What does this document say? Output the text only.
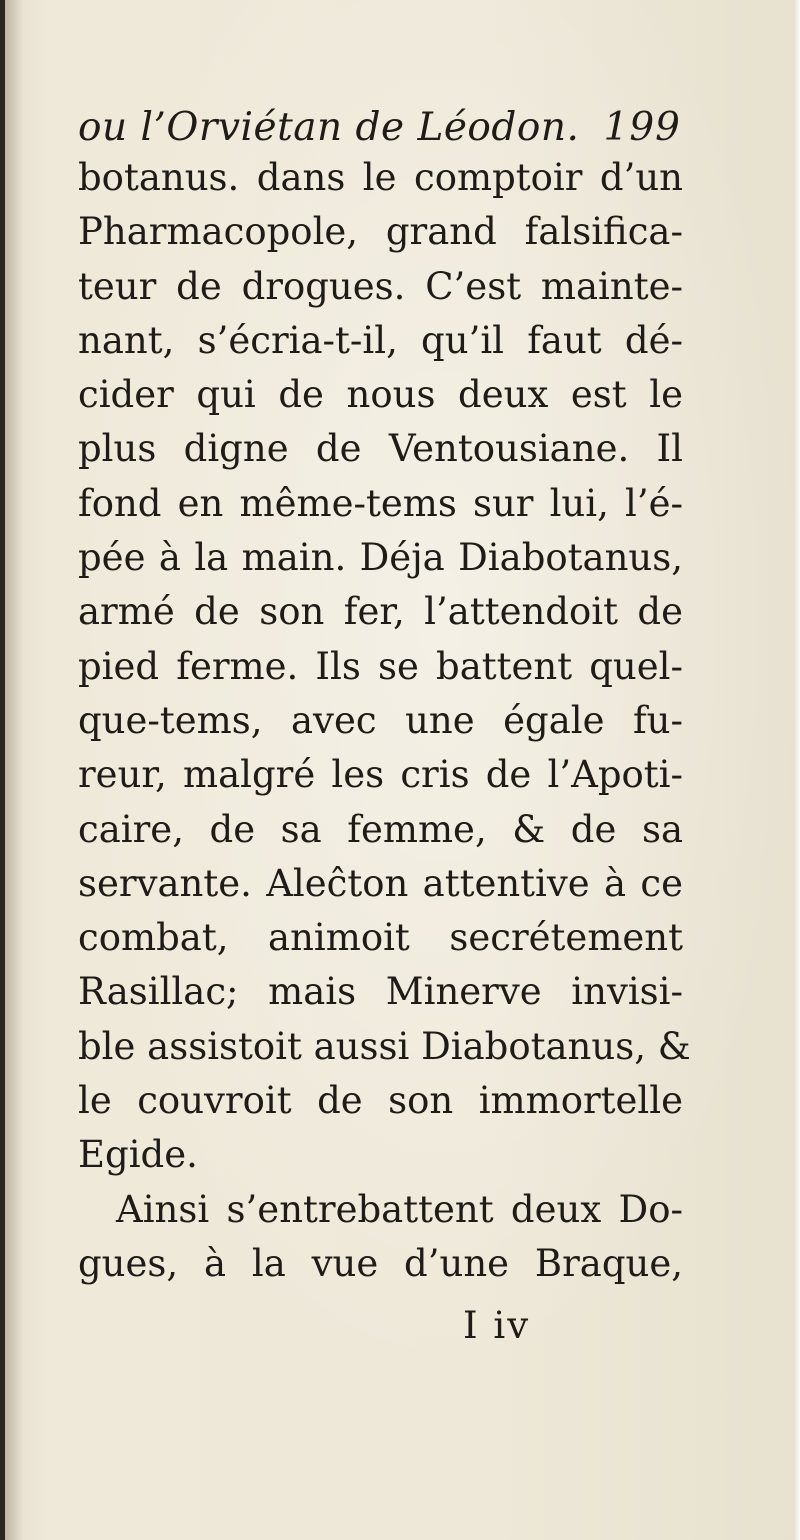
ou l’Orviétan de Léodon. 199
botanus. dans le comptoir d’un
Pharmacopole, grand falsifica-
teur de drogues. C’est mainte-
nant, s’écria-t-il, qu’il faut dé-
cider qui de nous deux est le
plus digne de Ventousiane. Il
fond en même-tems sur lui, l’é-
pée à la main. Déja Diabotanus,
armé de son fer, l’attendoit de
pied ferme. Ils se battent quel-
que-tems, avec une égale fu-
reur, malgré les cris de l’Apoti-
caire, de sa femme, & de sa
servante. Aleĉton attentive à ce
combat, animoit secrétement
Rasillac; mais Minerve invisi-
ble assistoit aussi Diabotanus, &
le couvroit de son immortelle
Egide.
Ainsi s’entrebattent deux Do-
gues, à la vue d’une Braque,
I iv
